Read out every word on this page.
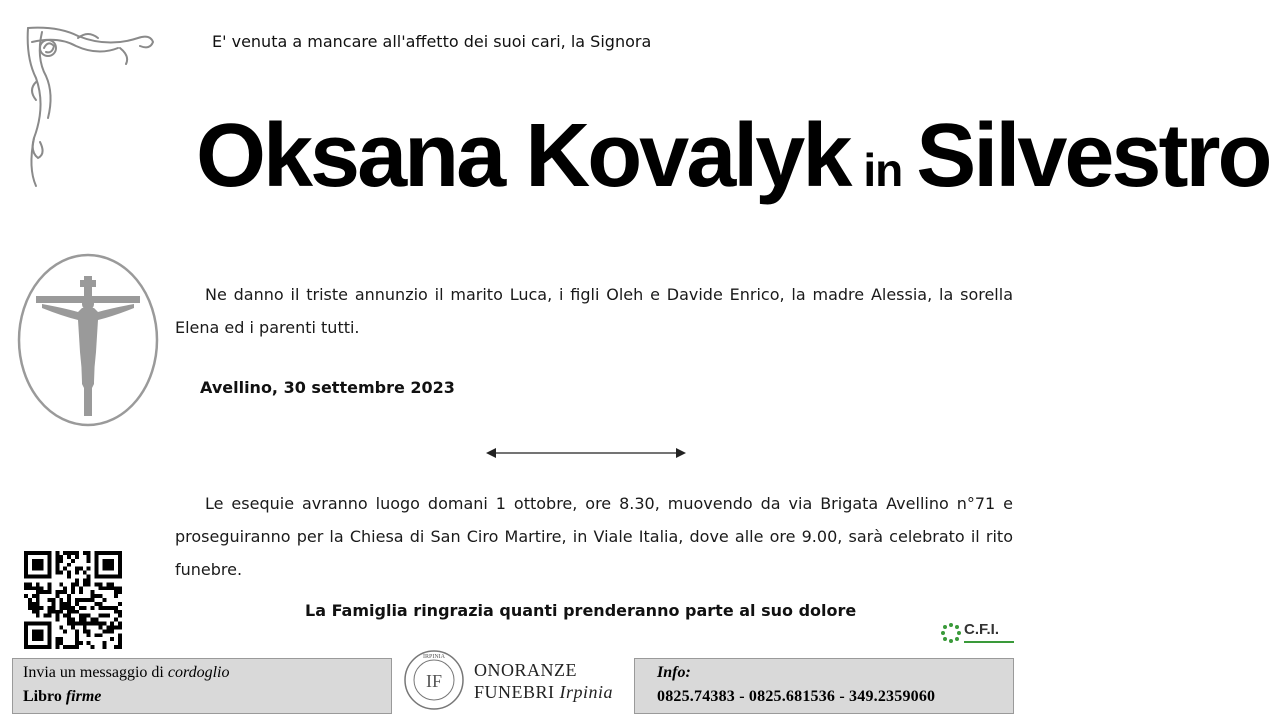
E' venuta a mancare all'affetto dei suoi cari, la Signora
Oksana Kovalyk in Silvestro
Ne danno il triste annunzio il marito Luca, i figli Oleh e Davide Enrico, la madre Alessia, la sorella Elena ed i parenti tutti.
Avellino, 30 settembre 2023
Le esequie avranno luogo domani 1 ottobre, ore 8.30, muovendo da via Brigata Avellino n°71 e proseguiranno per la Chiesa di San Ciro Martire, in Viale Italia, dove alle ore 9.00, sarà celebrato il rito funebre.
La Famiglia ringrazia quanti prenderanno parte al suo dolore
C.F.I.
Invia un messaggio di cordoglio
Libro firme
IRPINIA
IF
ONORANZE
FUNEBRI Irpinia
Info:
0825.74383 - 0825.681536 - 349.2359060
